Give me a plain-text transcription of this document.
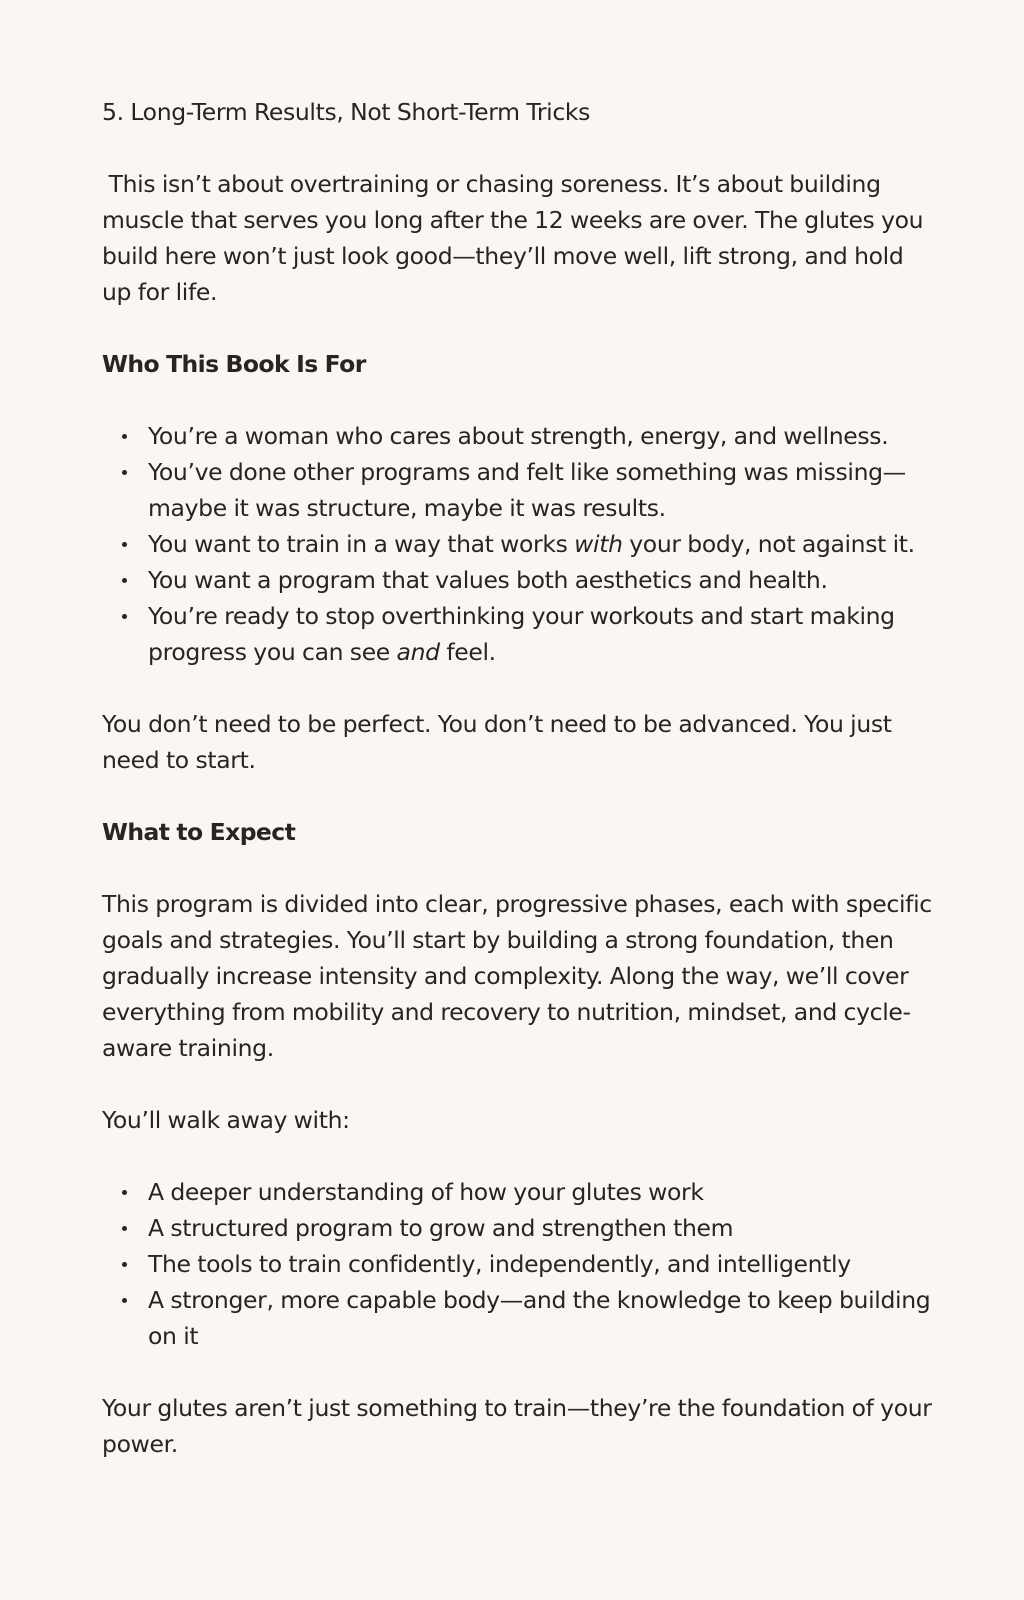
5. Long-Term Results, Not Short-Term Tricks

This isn’t about overtraining or chasing soreness. It’s about building muscle that serves you long after the 12 weeks are over. The glutes you build here won’t just look good—they’ll move well, lift strong, and hold up for life.

Who This Book Is For

You’re a woman who cares about strength, energy, and wellness.
You’ve done other programs and felt like something was missing—maybe it was structure, maybe it was results.
You want to train in a way that works with your body, not against it.
You want a program that values both aesthetics and health.
You’re ready to stop overthinking your workouts and start making progress you can see and feel.

You don’t need to be perfect. You don’t need to be advanced. You just need to start.

What to Expect

This program is divided into clear, progressive phases, each with specific goals and strategies. You’ll start by building a strong foundation, then gradually increase intensity and complexity. Along the way, we’ll cover everything from mobility and recovery to nutrition, mindset, and cycle-aware training.

You’ll walk away with:

A deeper understanding of how your glutes work
A structured program to grow and strengthen them
The tools to train confidently, independently, and intelligently
A stronger, more capable body—and the knowledge to keep building on it

Your glutes aren’t just something to train—they’re the foundation of your power.
